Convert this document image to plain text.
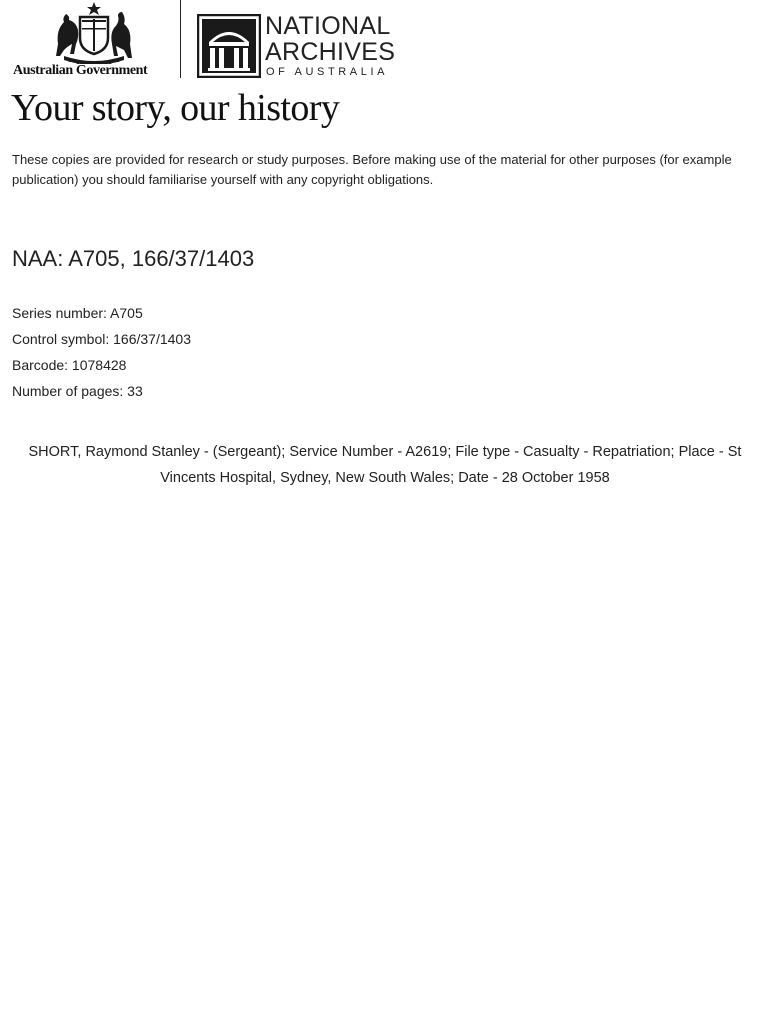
Australian Government
NATIONAL
ARCHIVES
OF AUSTRALIA
Your story, our history

These copies are provided for research or study purposes. Before making use of the material for other purposes (for example publication) you should familiarise yourself with any copyright obligations.

NAA: A705, 166/37/1403
Series number: A705
Control symbol: 166/37/1403
Barcode: 1078428
Number of pages: 33

SHORT, Raymond Stanley - (Sergeant); Service Number - A2619; File type - Casualty - Repatriation; Place - St Vincents Hospital, Sydney, New South Wales; Date - 28 October 1958
